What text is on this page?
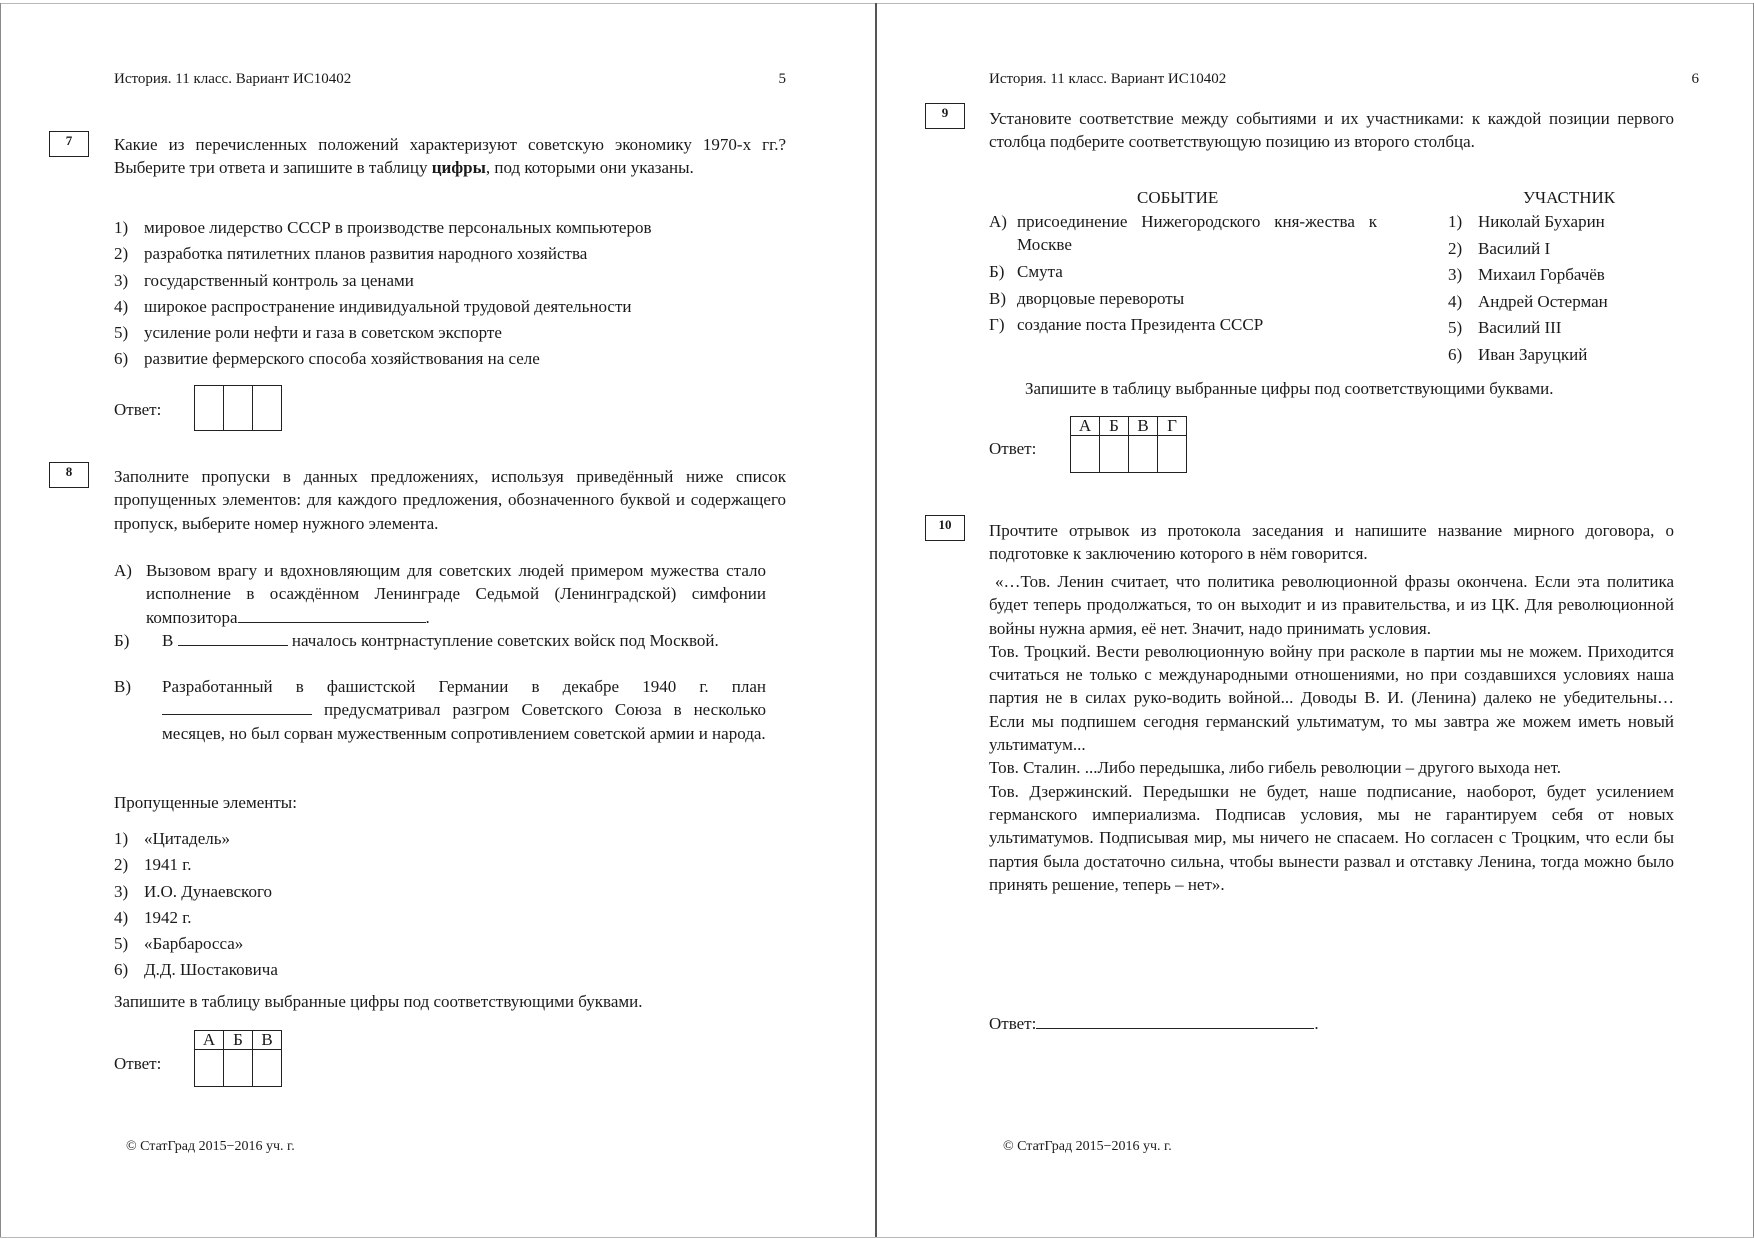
История. 11 класс. Вариант ИС10402	5
7	Какие из перечисленных положений характеризуют советскую экономику 1970-х гг.? Выберите три ответа и запишите в таблицу цифры, под которыми они указаны.
1) мировое лидерство СССР в производстве персональных компьютеров
2) разработка пятилетних планов развития народного хозяйства
3) государственный контроль за ценами
4) широкое распространение индивидуальной трудовой деятельности
5) усиление роли нефти и газа в советском экспорте
6) развитие фермерского способа хозяйствования на селе
Ответ:

8	Заполните пропуски в данных предложениях, используя приведённый ниже список пропущенных элементов: для каждого предложения, обозначенного буквой и содержащего пропуск, выберите номер нужного элемента.
А) Вызовом врагу и вдохновляющим для советских людей примером мужества стало исполнение в осаждённом Ленинграде Седьмой (Ленинградской) симфонии композитора	.
Б) В	началось контрнаступление советских войск под Москвой.
В) Разработанный в фашистской Германии в декабре 1940 г. план  предусматривал разгром Советского Союза в несколько месяцев, но был сорван мужественным сопротивлением советской армии и народа.
Пропущенные элементы:
1) «Цитадель»
2) 1941 г.
3) И.О. Дунаевского
4) 1942 г.
5) «Барбаросса»
6) Д.Д. Шостаковича
Запишите в таблицу выбранные цифры под соответствующими буквами.
Ответ:
А	Б	В

© СтатГрад 2015−2016 уч. г.
История. 11 класс. Вариант ИС10402	6
9	Установите соответствие между событиями и их участниками: к каждой позиции первого столбца подберите соответствующую позицию из второго столбца.
СОБЫТИЕ	УЧАСТНИК
А) присоединение Нижегородского кня-жества к Москве
Б) Смута
В) дворцовые перевороты
Г) создание поста Президента СССР
1) Николай Бухарин
2) Василий I
3) Михаил Горбачёв
4) Андрей Остерман
5) Василий III
6) Иван Заруцкий
Запишите в таблицу выбранные цифры под соответствующими буквами.
Ответ:
А	Б	В	Г

10	Прочтите отрывок из протокола заседания и напишите название мирного договора, о подготовке к заключению которого в нём говорится.

«…Тов. Ленин считает, что политика революционной фразы окончена. Если эта политика будет теперь продолжаться, то он выходит и из правительства, и из ЦК. Для революционной войны нужна армия, её нет. Значит, надо принимать условия.

Тов. Троцкий. Вести революционную войну при расколе в партии мы не можем. Приходится считаться не только с международными отношениями, но при создавшихся условиях наша партия не в силах руко-водить войной... Доводы В. И. (Ленина) далеко не убедительны… Если мы подпишем сегодня германский ультиматум, то мы завтра же можем иметь новый ультиматум...

Тов. Сталин. ...Либо передышка, либо гибель революции – другого выхода нет.

Тов. Дзержинский. Передышки не будет, наше подписание, наоборот, будет усилением германского империализма. Подписав условия, мы не гарантируем себя от новых ультиматумов. Подписывая мир, мы ничего не спасаем. Но согласен с Троцким, что если бы партия была достаточно сильна, чтобы вынести развал и отставку Ленина, тогда можно было принять решение, теперь – нет».

Ответ:	.
© СтатГрад 2015−2016 уч. г.
